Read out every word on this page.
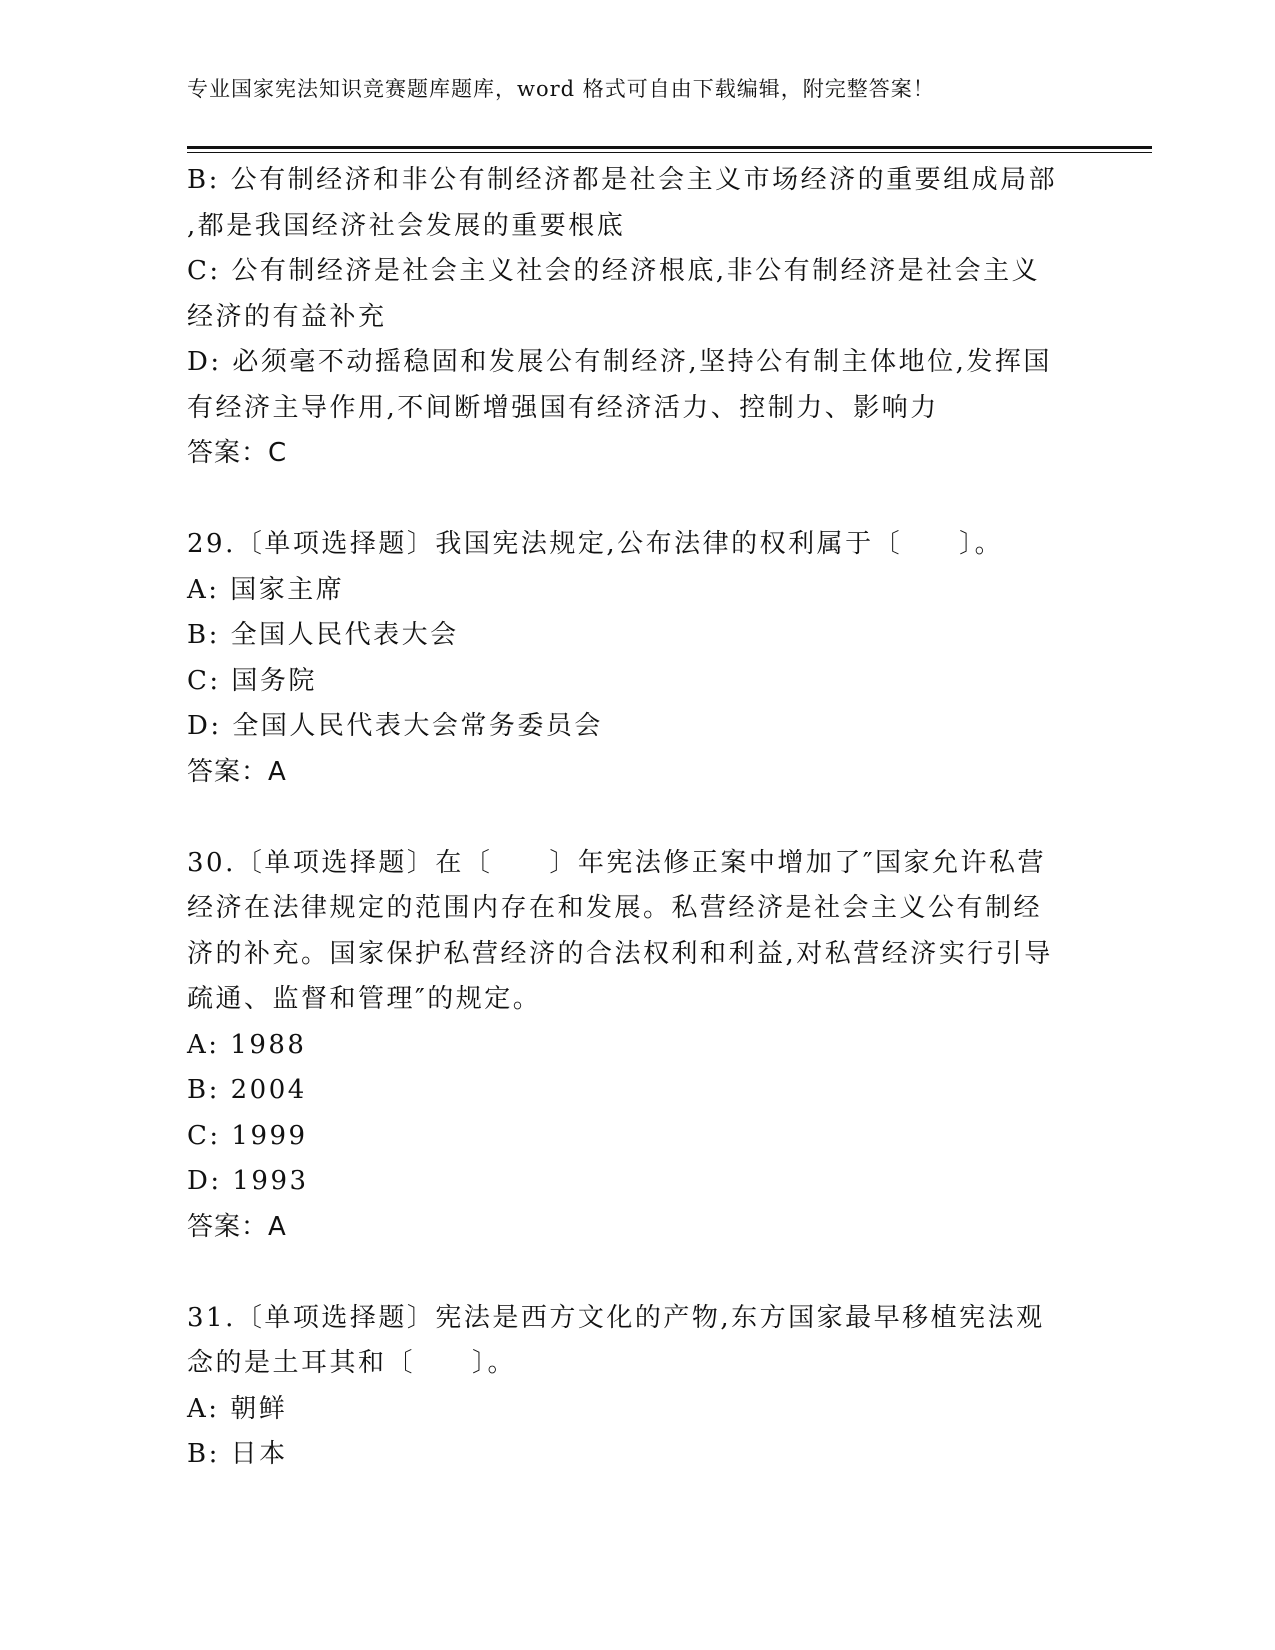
专业国家宪法知识竞赛题库题库，word 格式可自由下载编辑，附完整答案！
B: 公有制经济和非公有制经济都是社会主义市场经济的重要组成局部
,都是我国经济社会发展的重要根底
C: 公有制经济是社会主义社会的经济根底,非公有制经济是社会主义
经济的有益补充
D: 必须毫不动摇稳固和发展公有制经济,坚持公有制主体地位,发挥国
有经济主导作用,不间断增强国有经济活力、控制力、影响力
答案：C
29.〔单项选择题〕我国宪法规定,公布法律的权利属于〔　　〕。
A: 国家主席
B: 全国人民代表大会
C: 国务院
D: 全国人民代表大会常务委员会
答案：A
30.〔单项选择题〕在〔　　〕年宪法修正案中增加了″国家允许私营
经济在法律规定的范围内存在和发展。私营经济是社会主义公有制经
济的补充。国家保护私营经济的合法权利和利益,对私营经济实行引导
疏通、监督和管理″的规定。
A: 1988
B: 2004
C: 1999
D: 1993
答案：A
31.〔单项选择题〕宪法是西方文化的产物,东方国家最早移植宪法观
念的是土耳其和〔　　〕。
A: 朝鲜
B: 日本
